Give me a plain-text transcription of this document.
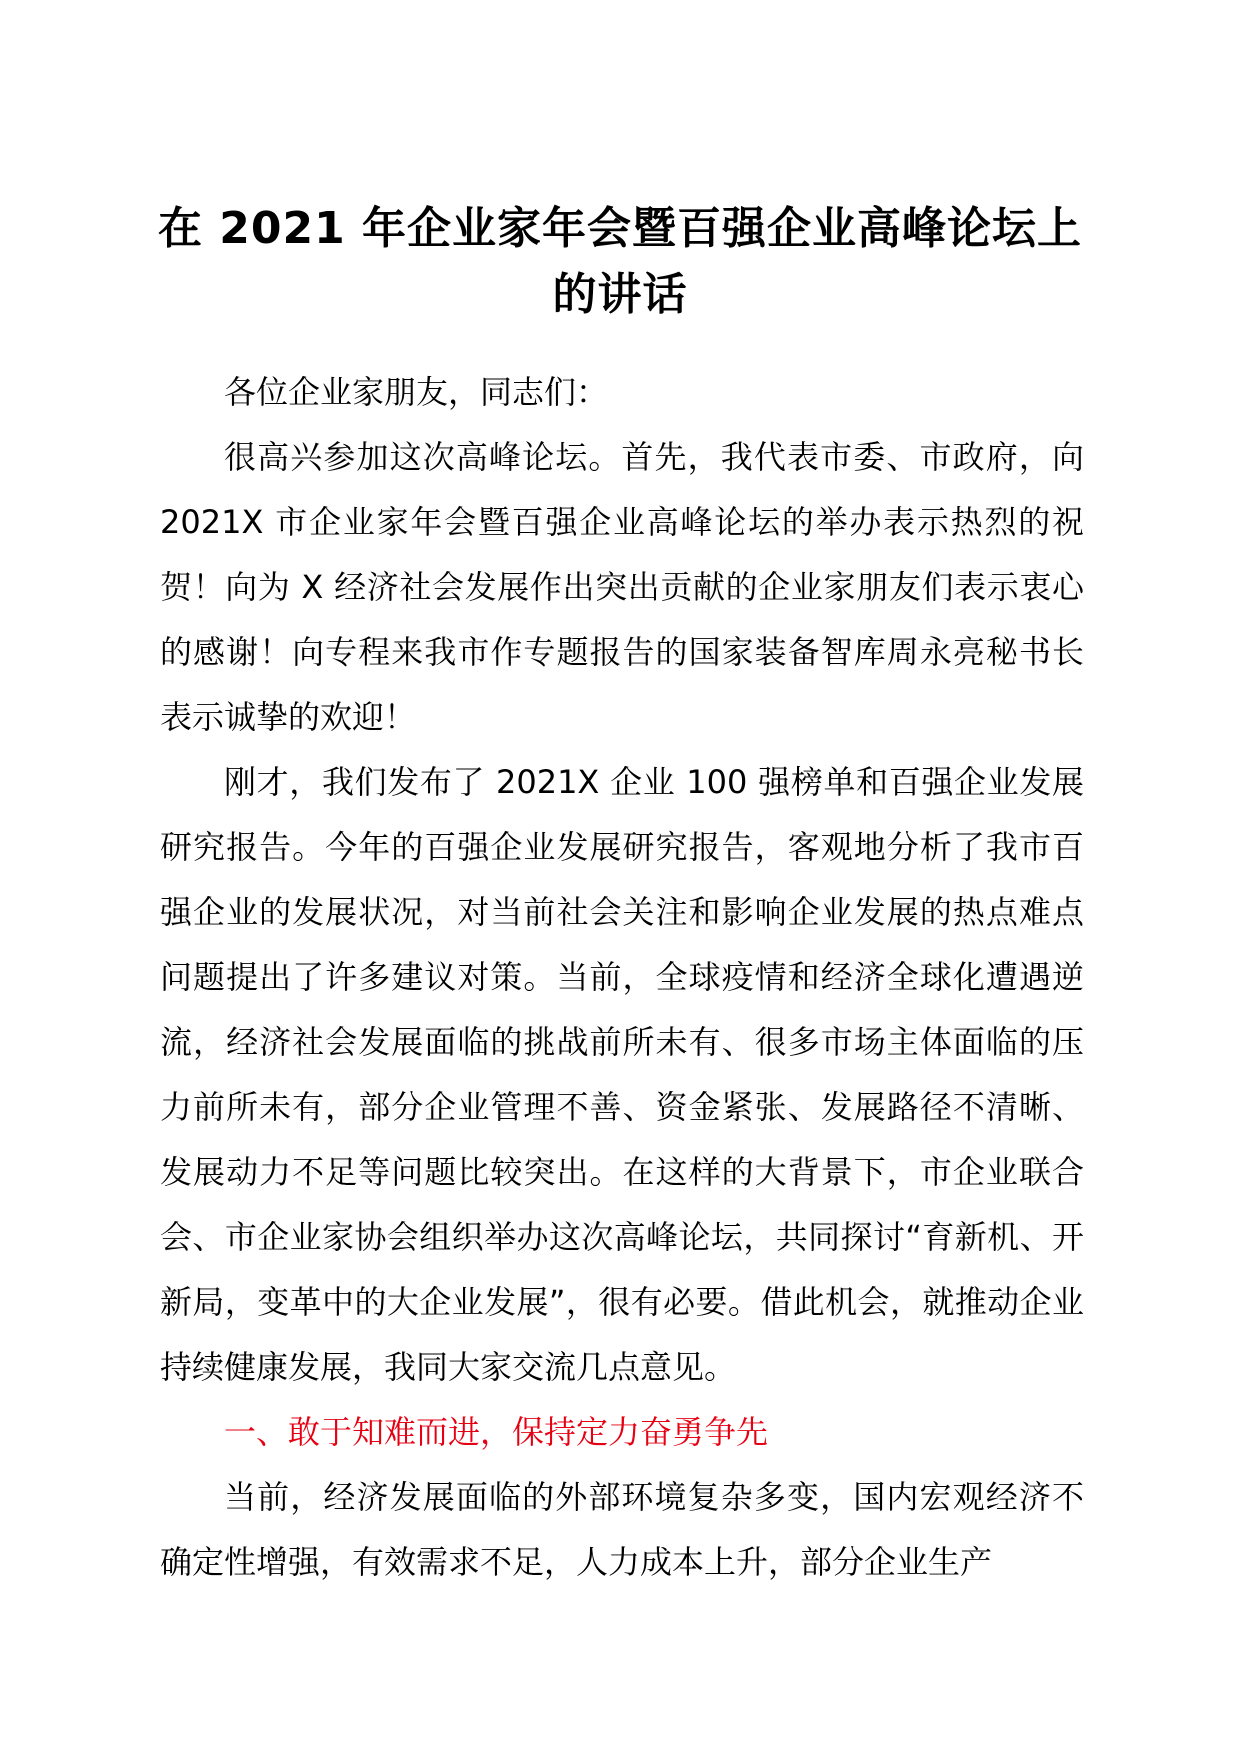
在 2021 年企业家年会暨百强企业高峰论坛上
的讲话

各位企业家朋友，同志们：

很高兴参加这次高峰论坛。首先，我代表市委、市政府，向 2021X 市企业家年会暨百强企业高峰论坛的举办表示热烈的祝贺！向为 X 经济社会发展作出突出贡献的企业家朋友们表示衷心的感谢！向专程来我市作专题报告的国家装备智库周永亮秘书长表示诚挚的欢迎！

刚才，我们发布了 2021X 企业 100 强榜单和百强企业发展研究报告。今年的百强企业发展研究报告，客观地分析了我市百强企业的发展状况，对当前社会关注和影响企业发展的热点难点问题提出了许多建议对策。当前，全球疫情和经济全球化遭遇逆流，经济社会发展面临的挑战前所未有、很多市场主体面临的压力前所未有，部分企业管理不善、资金紧张、发展路径不清晰、发展动力不足等问题比较突出。在这样的大背景下，市企业联合会、市企业家协会组织举办这次高峰论坛，共同探讨“育新机、开新局，变革中的大企业发展”，很有必要。借此机会，就推动企业持续健康发展，我同大家交流几点意见。

一、敢于知难而进，保持定力奋勇争先

当前，经济发展面临的外部环境复杂多变，国内宏观经济不确定性增强，有效需求不足，人力成本上升，部分企业生产
